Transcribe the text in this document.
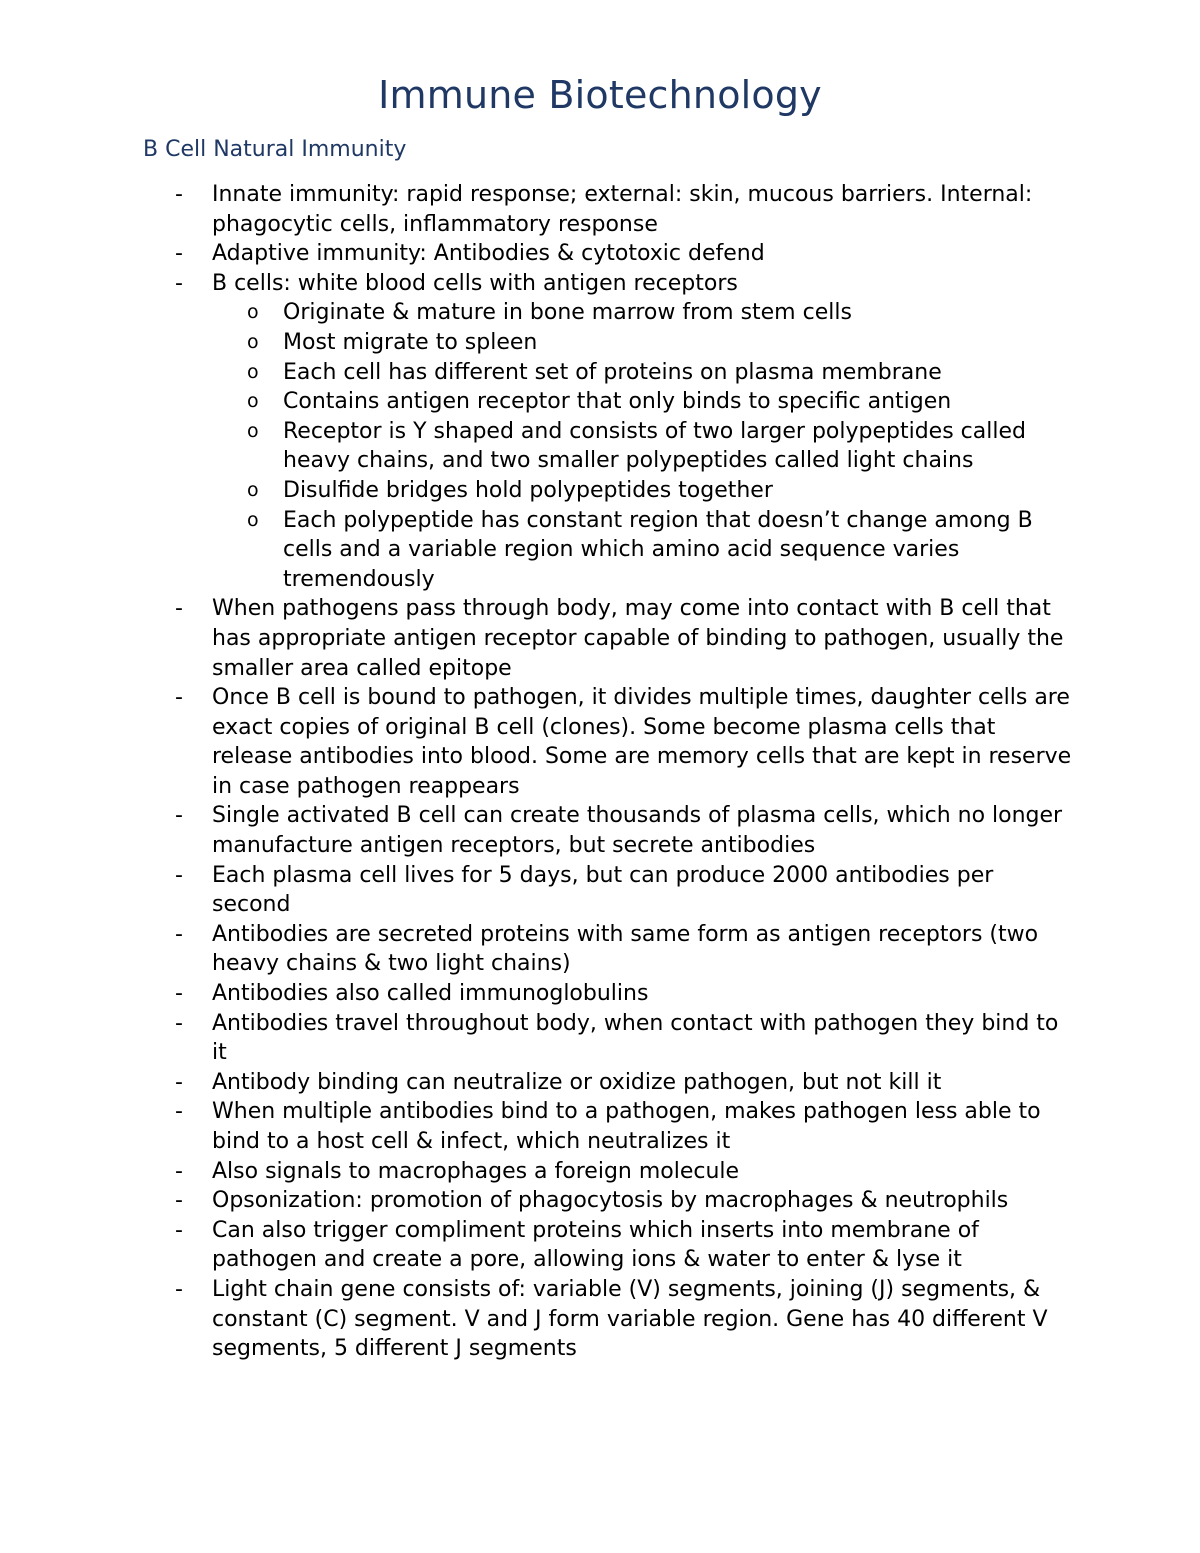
Immune Biotechnology
B Cell Natural Immunity
- Innate immunity: rapid response; external: skin, mucous barriers. Internal: phagocytic cells, inflammatory response
- Adaptive immunity: Antibodies & cytotoxic defend
- B cells: white blood cells with antigen receptors
o Originate & mature in bone marrow from stem cells
o Most migrate to spleen
o Each cell has different set of proteins on plasma membrane
o Contains antigen receptor that only binds to specific antigen
o Receptor is Y shaped and consists of two larger polypeptides called heavy chains, and two smaller polypeptides called light chains
o Disulfide bridges hold polypeptides together
o Each polypeptide has constant region that doesn’t change among B cells and a variable region which amino acid sequence varies tremendously
- When pathogens pass through body, may come into contact with B cell that has appropriate antigen receptor capable of binding to pathogen, usually the smaller area called epitope
- Once B cell is bound to pathogen, it divides multiple times, daughter cells are exact copies of original B cell (clones). Some become plasma cells that release antibodies into blood. Some are memory cells that are kept in reserve in case pathogen reappears
- Single activated B cell can create thousands of plasma cells, which no longer manufacture antigen receptors, but secrete antibodies
- Each plasma cell lives for 5 days, but can produce 2000 antibodies per second
- Antibodies are secreted proteins with same form as antigen receptors (two heavy chains & two light chains)
- Antibodies also called immunoglobulins
- Antibodies travel throughout body, when contact with pathogen they bind to it
- Antibody binding can neutralize or oxidize pathogen, but not kill it
- When multiple antibodies bind to a pathogen, makes pathogen less able to bind to a host cell & infect, which neutralizes it
- Also signals to macrophages a foreign molecule
- Opsonization: promotion of phagocytosis by macrophages & neutrophils
- Can also trigger compliment proteins which inserts into membrane of pathogen and create a pore, allowing ions & water to enter & lyse it
- Light chain gene consists of: variable (V) segments, joining (J) segments, & constant (C) segment. V and J form variable region. Gene has 40 different V segments, 5 different J segments
